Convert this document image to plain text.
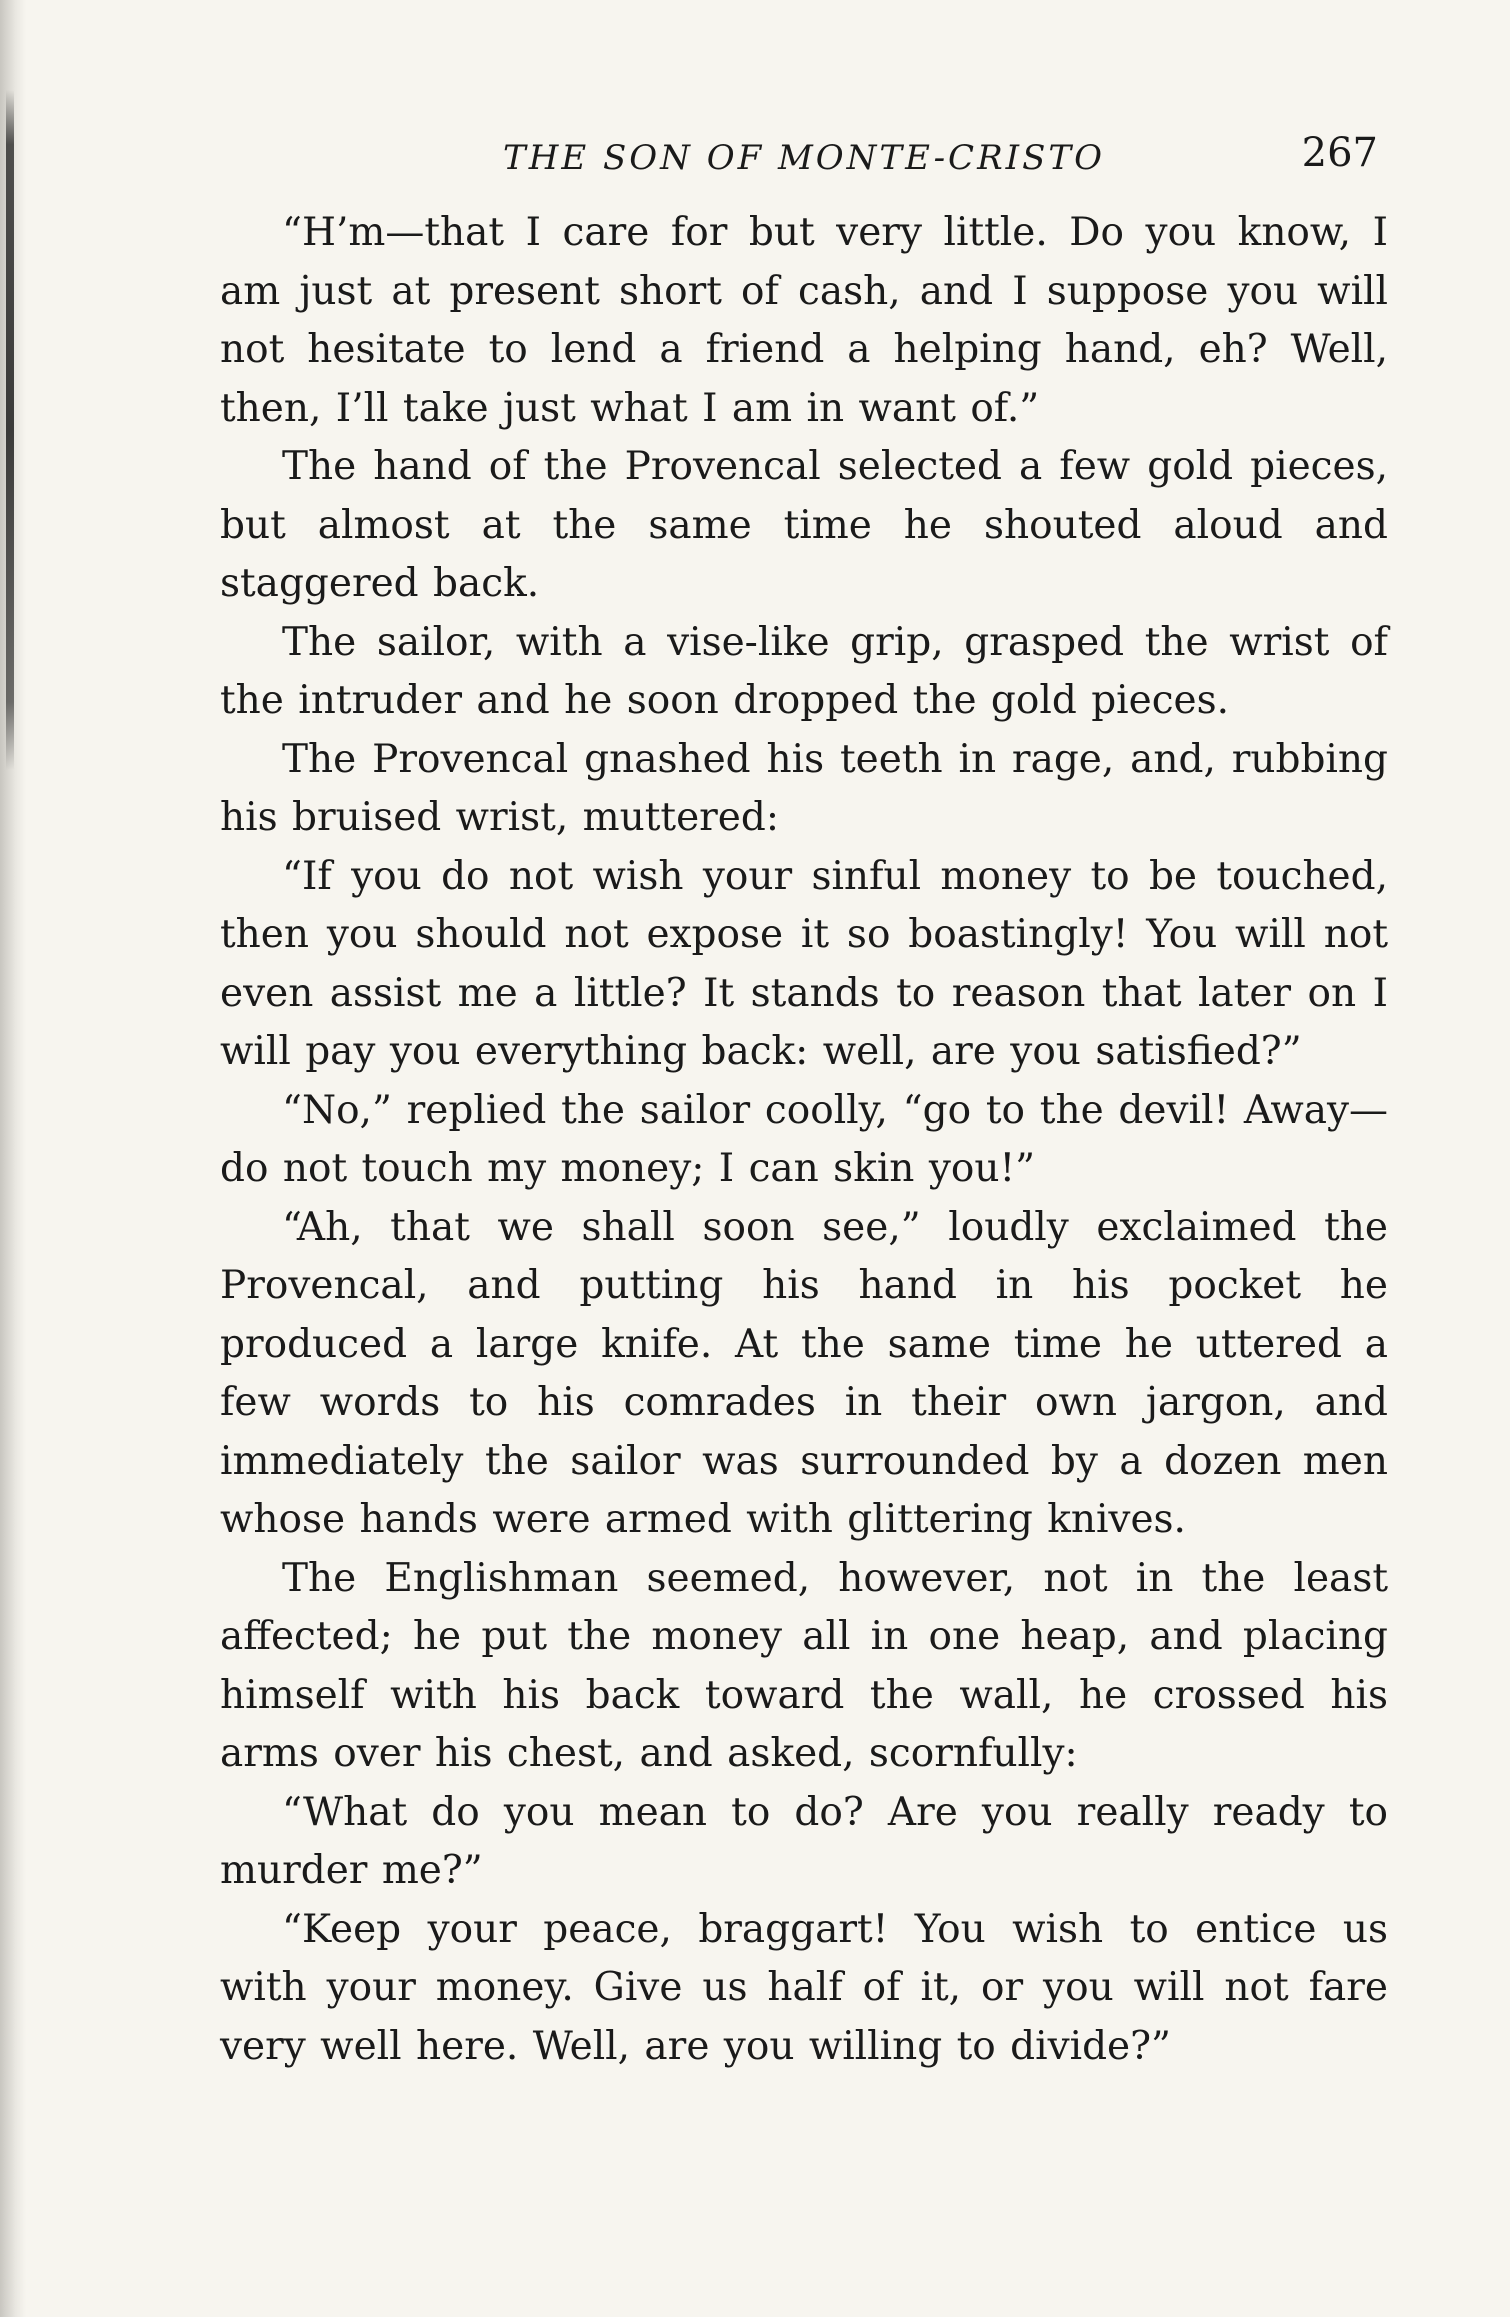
THE SON OF MONTE-CRISTO	267

“H’m—that I care for but very little. Do you know, I am just at present short of cash, and I suppose you will not hesitate to lend a friend a helping hand, eh? Well, then, I’ll take just what I am in want of.”

The hand of the Provencal selected a few gold pieces, but almost at the same time he shouted aloud and staggered back.

The sailor, with a vise-like grip, grasped the wrist of the intruder and he soon dropped the gold pieces.

The Provencal gnashed his teeth in rage, and, rubbing his bruised wrist, muttered:

“If you do not wish your sinful money to be touched, then you should not expose it so boastingly! You will not even assist me a little? It stands to reason that later on I will pay you everything back: well, are you satisfied?”

“No,” replied the sailor coolly, “go to the devil! Away—do not touch my money; I can skin you!”

“Ah, that we shall soon see,” loudly exclaimed the Provencal, and putting his hand in his pocket he produced a large knife. At the same time he uttered a few words to his comrades in their own jargon, and immediately the sailor was surrounded by a dozen men whose hands were armed with glittering knives.

The Englishman seemed, however, not in the least affected; he put the money all in one heap, and placing himself with his back toward the wall, he crossed his arms over his chest, and asked, scornfully:

“What do you mean to do? Are you really ready to murder me?”

“Keep your peace, braggart! You wish to entice us with your money. Give us half of it, or you will not fare very well here. Well, are you willing to divide?”
